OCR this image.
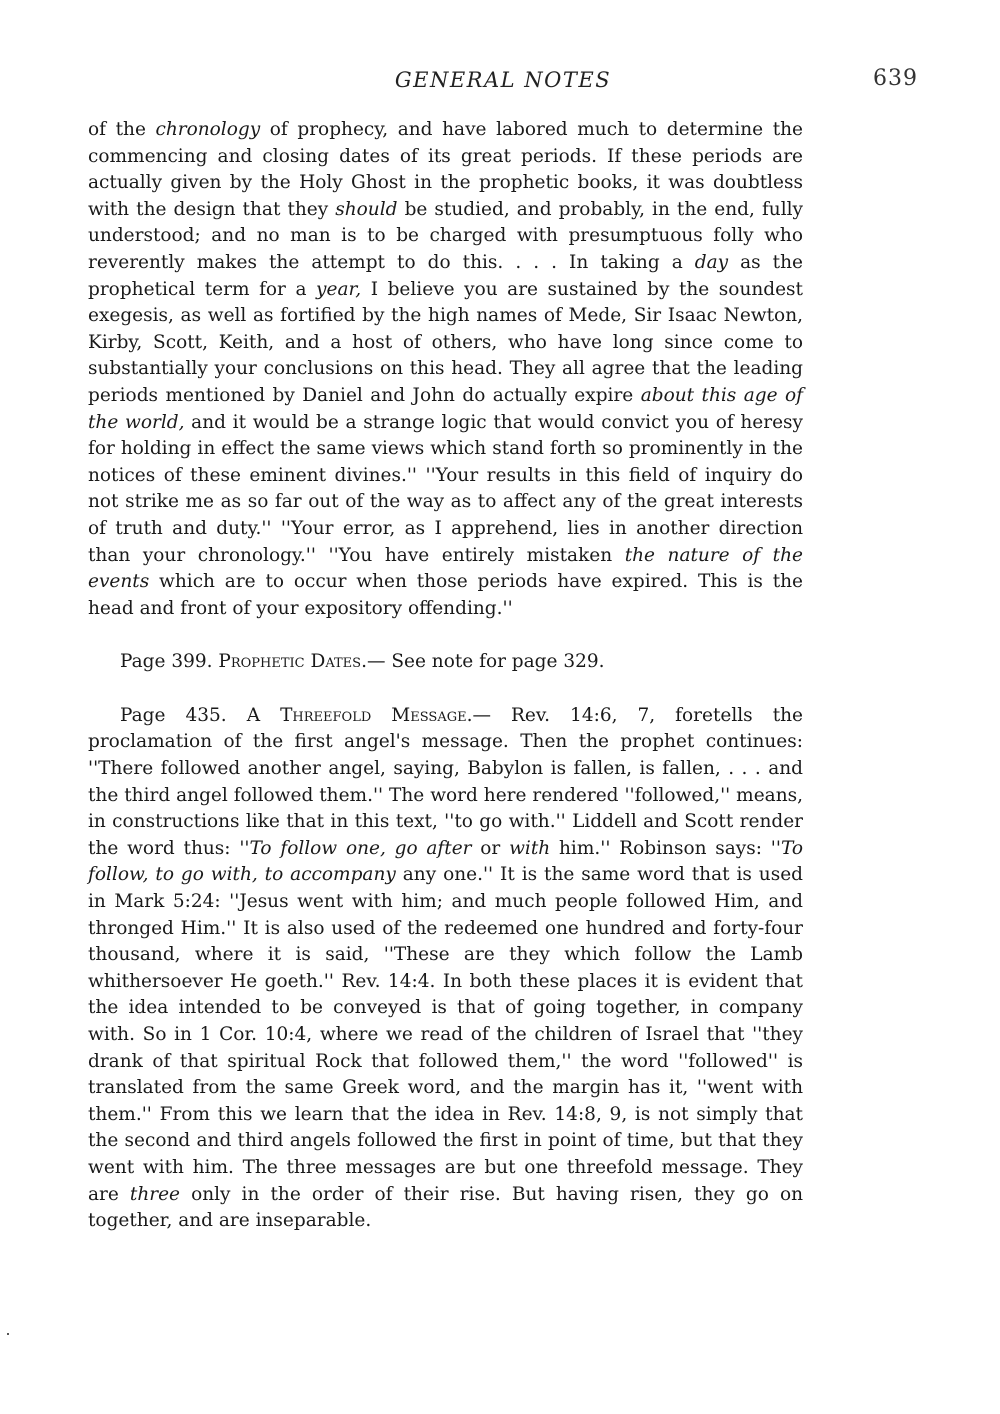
GENERAL NOTES	639

of the chronology of prophecy, and have labored much to determine the commencing and closing dates of its great periods. If these periods are actually given by the Holy Ghost in the prophetic books, it was doubtless with the design that they should be studied, and probably, in the end, fully understood; and no man is to be charged with presumptuous folly who reverently makes the attempt to do this. . . . In taking a day as the prophetical term for a year, I believe you are sustained by the soundest exegesis, as well as fortified by the high names of Mede, Sir Isaac Newton, Kirby, Scott, Keith, and a host of others, who have long since come to substantially your conclusions on this head. They all agree that the leading periods mentioned by Daniel and John do actually expire about this age of the world, and it would be a strange logic that would convict you of heresy for holding in effect the same views which stand forth so prominently in the notices of these eminent divines.'' ''Your results in this field of inquiry do not strike me as so far out of the way as to affect any of the great interests of truth and duty.'' ''Your error, as I apprehend, lies in another direction than your chronology.'' ''You have entirely mistaken the nature of the events which are to occur when those periods have expired. This is the head and front of your expository offending.''

Page 399. Prophetic Dates.— See note for page 329.

Page 435. A Threefold Message.— Rev. 14:6, 7, foretells the proclamation of the first angel's message. Then the prophet continues: ''There followed another angel, saying, Babylon is fallen, is fallen, . . . and the third angel followed them.'' The word here rendered ''followed,'' means, in constructions like that in this text, ''to go with.'' Liddell and Scott render the word thus: ''To follow one, go after or with him.'' Robinson says: ''To follow, to go with, to accompany any one.'' It is the same word that is used in Mark 5:24: ''Jesus went with him; and much people followed Him, and thronged Him.'' It is also used of the redeemed one hundred and forty-four thousand, where it is said, ''These are they which follow the Lamb whithersoever He goeth.'' Rev. 14:4. In both these places it is evident that the idea intended to be conveyed is that of going together, in company with. So in 1 Cor. 10:4, where we read of the children of Israel that ''they drank of that spiritual Rock that followed them,'' the word ''followed'' is translated from the same Greek word, and the margin has it, ''went with them.'' From this we learn that the idea in Rev. 14:8, 9, is not simply that the second and third angels followed the first in point of time, but that they went with him. The three messages are but one threefold message. They are three only in the order of their rise. But having risen, they go on together, and are inseparable.
